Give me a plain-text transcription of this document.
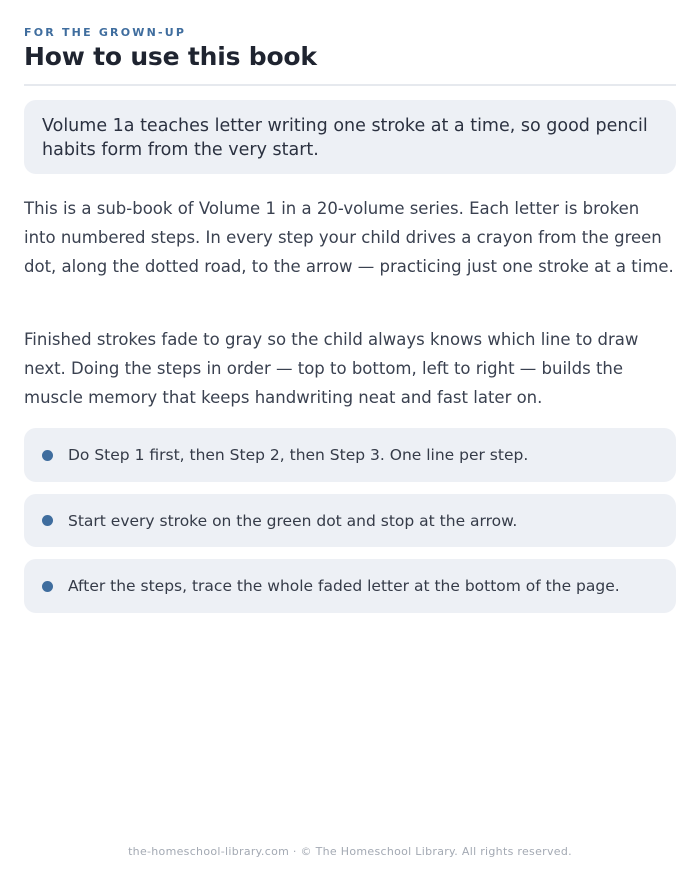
FOR THE GROWN-UP
How to use this book
Volume 1a teaches letter writing one stroke at a time, so good pencil habits form from the very start.

This is a sub-book of Volume 1 in a 20-volume series. Each letter is broken into numbered steps. In every step your child drives a crayon from the green dot, along the dotted road, to the arrow — practicing just one stroke at a time.

Finished strokes fade to gray so the child always knows which line to draw next. Doing the steps in order — top to bottom, left to right — builds the muscle memory that keeps handwriting neat and fast later on.

Do Step 1 first, then Step 2, then Step 3. One line per step.
Start every stroke on the green dot and stop at the arrow.
After the steps, trace the whole faded letter at the bottom of the page.
the-homeschool-library.com · © The Homeschool Library. All rights reserved.
